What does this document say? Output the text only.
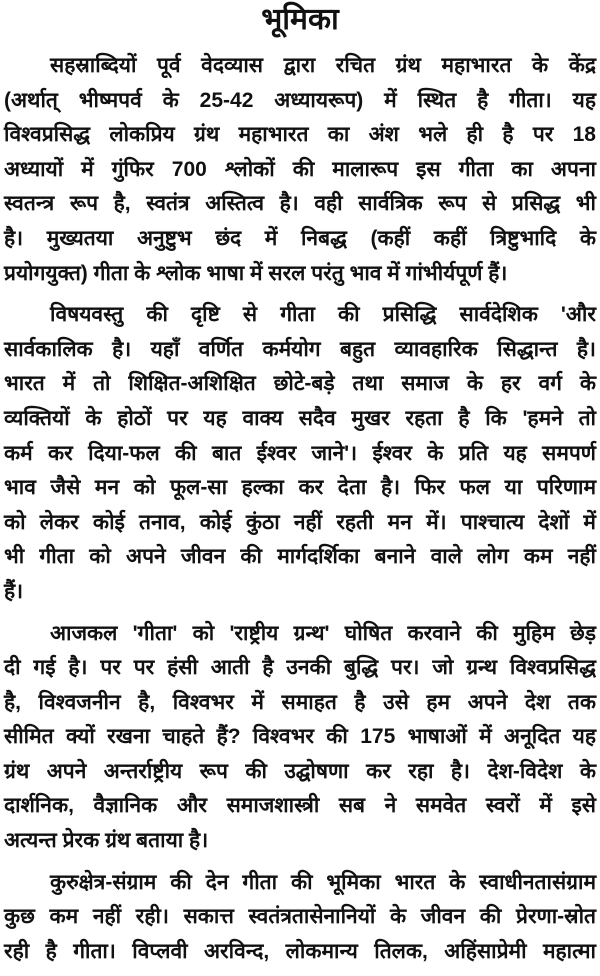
भूमिका
सहस्राब्दियों पूर्व वेदव्यास द्वारा रचित ग्रंथ महाभारत के केंद्र
(अर्थात् भीष्मपर्व के 25-42 अध्यायरूप) में स्थित है गीता। यह
विश्वप्रसिद्ध लोकप्रिय ग्रंथ महाभारत का अंश भले ही है पर 18
अध्यायों में गुंफिर 700 श्लोकों की मालारूप इस गीता का अपना
स्वतन्त्र रूप है, स्वतंत्र अस्तित्व है। वही सार्वत्रिक रूप से प्रसिद्ध भी
है। मुख्यतया अनुष्टुभ छंद में निबद्ध (कहीं कहीं त्रिष्टुभादि के
प्रयोगयुक्त) गीता के श्लोक भाषा में सरल परंतु भाव में गांभीर्यपूर्ण हैं।
विषयवस्तु की दृष्टि से गीता की प्रसिद्धि सार्वदेशिक 'और
सार्वकालिक है। यहाँ वर्णित कर्मयोग बहुत व्यावहारिक सिद्धान्त है।
भारत में तो शिक्षित-अशिक्षित छोटे-बड़े तथा समाज के हर वर्ग के
व्यक्तियों के होठों पर यह वाक्य सदैव मुखर रहता है कि 'हमने तो
कर्म कर दिया-फल की बात ईश्वर जाने'। ईश्वर के प्रति यह समपर्ण
भाव जैसे मन को फूल-सा हल्का कर देता है। फिर फल या परिणाम
को लेकर कोई तनाव, कोई कुंठा नहीं रहती मन में। पाश्चात्य देशों में
भी गीता को अपने जीवन की मार्गदर्शिका बनाने वाले लोग कम नहीं
हैं।
आजकल 'गीता' को 'राष्ट्रीय ग्रन्थ' घोषित करवाने की मुहिम छेड़
दी गई है। पर पर हंसी आती है उनकी बुद्धि पर। जो ग्रन्थ विश्वप्रसिद्ध
है, विश्वजनीन है, विश्वभर में समाहत है उसे हम अपने देश तक
सीमित क्यों रखना चाहते हैं? विश्वभर की 175 भाषाओं में अनूदित यह
ग्रंथ अपने अन्तर्राष्ट्रीय रूप की उद्घोषणा कर रहा है। देश-विदेश के
दार्शनिक, वैज्ञानिक और समाजशास्त्री सब ने समवेत स्वरों में इसे
अत्यन्त प्रेरक ग्रंथ बताया है।
कुरुक्षेत्र-संग्राम की देन गीता की भूमिका भारत के स्वाधीनतासंग्राम
कुछ कम नहीं रही। सकात्त स्वतंत्रतासेनानियों के जीवन की प्रेरणा-स्रोत
रही है गीता। विप्लवी अरविन्द, लोकमान्य तिलक, अहिंसाप्रेमी महात्मा
